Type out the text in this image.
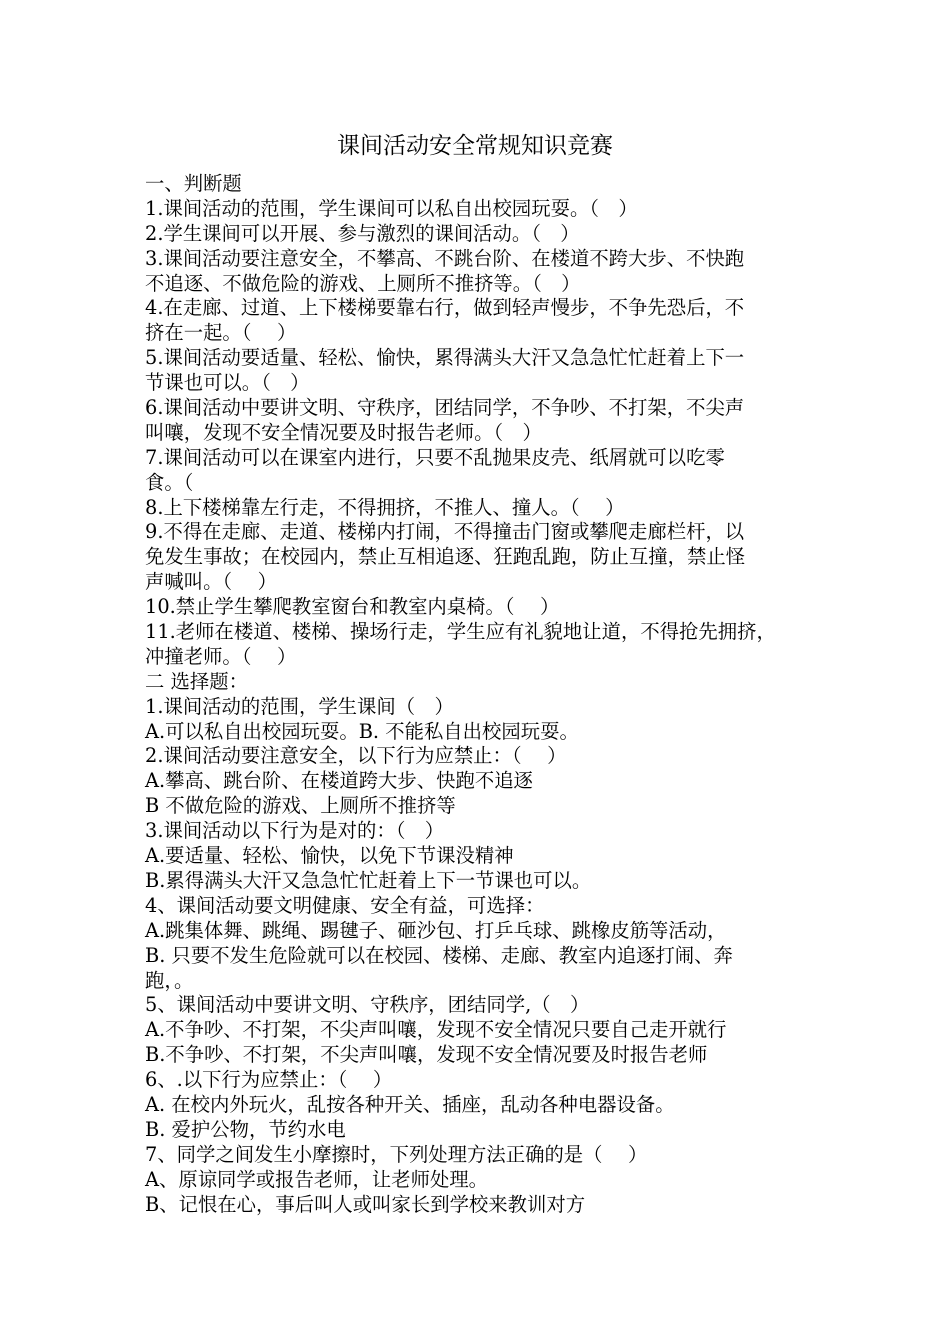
课间活动安全常规知识竞赛
一、判断题
1.课间活动的范围，学生课间可以私自出校园玩耍。（　）
2.学生课间可以开展、参与激烈的课间活动。（　）
3.课间活动要注意安全，不攀高、不跳台阶、在楼道不跨大步、不快跑
不追逐、不做危险的游戏、上厕所不推挤等。（　）
4.在走廊、过道、上下楼梯要靠右行，做到轻声慢步，不争先恐后，不
挤在一起。（　 ）
5.课间活动要适量、轻松、愉快，累得满头大汗又急急忙忙赶着上下一
节课也可以。（　）
6.课间活动中要讲文明、守秩序，团结同学，不争吵、不打架，不尖声
叫嚷，发现不安全情况要及时报告老师。（　）
7.课间活动可以在课室内进行，只要不乱抛果皮壳、纸屑就可以吃零
食。（
8.上下楼梯靠左行走，不得拥挤，不推人、撞人。（　 ）
9.不得在走廊、走道、楼梯内打闹，不得撞击门窗或攀爬走廊栏杆，以
免发生事故；在校园内，禁止互相追逐、狂跑乱跑，防止互撞，禁止怪
声喊叫。（　 ）
10.禁止学生攀爬教室窗台和教室内桌椅。（　 ）
11.老师在楼道、楼梯、操场行走，学生应有礼貌地让道，不得抢先拥挤，
冲撞老师。（　 ）
二 选择题：
1.课间活动的范围，学生课间（　）
A.可以私自出校园玩耍。B. 不能私自出校园玩耍。
2.课间活动要注意安全，以下行为应禁止：（　 ）
A.攀高、跳台阶、在楼道跨大步、快跑不追逐
B 不做危险的游戏、上厕所不推挤等
3.课间活动以下行为是对的：（　）
A.要适量、轻松、愉快，以免下节课没精神
B.累得满头大汗又急急忙忙赶着上下一节课也可以。
4、课间活动要文明健康、安全有益，可选择：
A.跳集体舞、跳绳、踢毽子、砸沙包、打乒乓球、跳橡皮筋等活动，
B. 只要不发生危险就可以在校园、楼梯、走廊、教室内追逐打闹、奔
跑，。
5、课间活动中要讲文明、守秩序，团结同学,（　）
A.不争吵、不打架，不尖声叫嚷，发现不安全情况只要自己走开就行
B.不争吵、不打架，不尖声叫嚷，发现不安全情况要及时报告老师
6、.以下行为应禁止：（　 ）
A. 在校内外玩火，乱按各种开关、插座，乱动各种电器设备。
B. 爱护公物，节约水电
7、同学之间发生小摩擦时，下列处理方法正确的是（　 ）
A、原谅同学或报告老师，让老师处理。
B、记恨在心，事后叫人或叫家长到学校来教训对方
